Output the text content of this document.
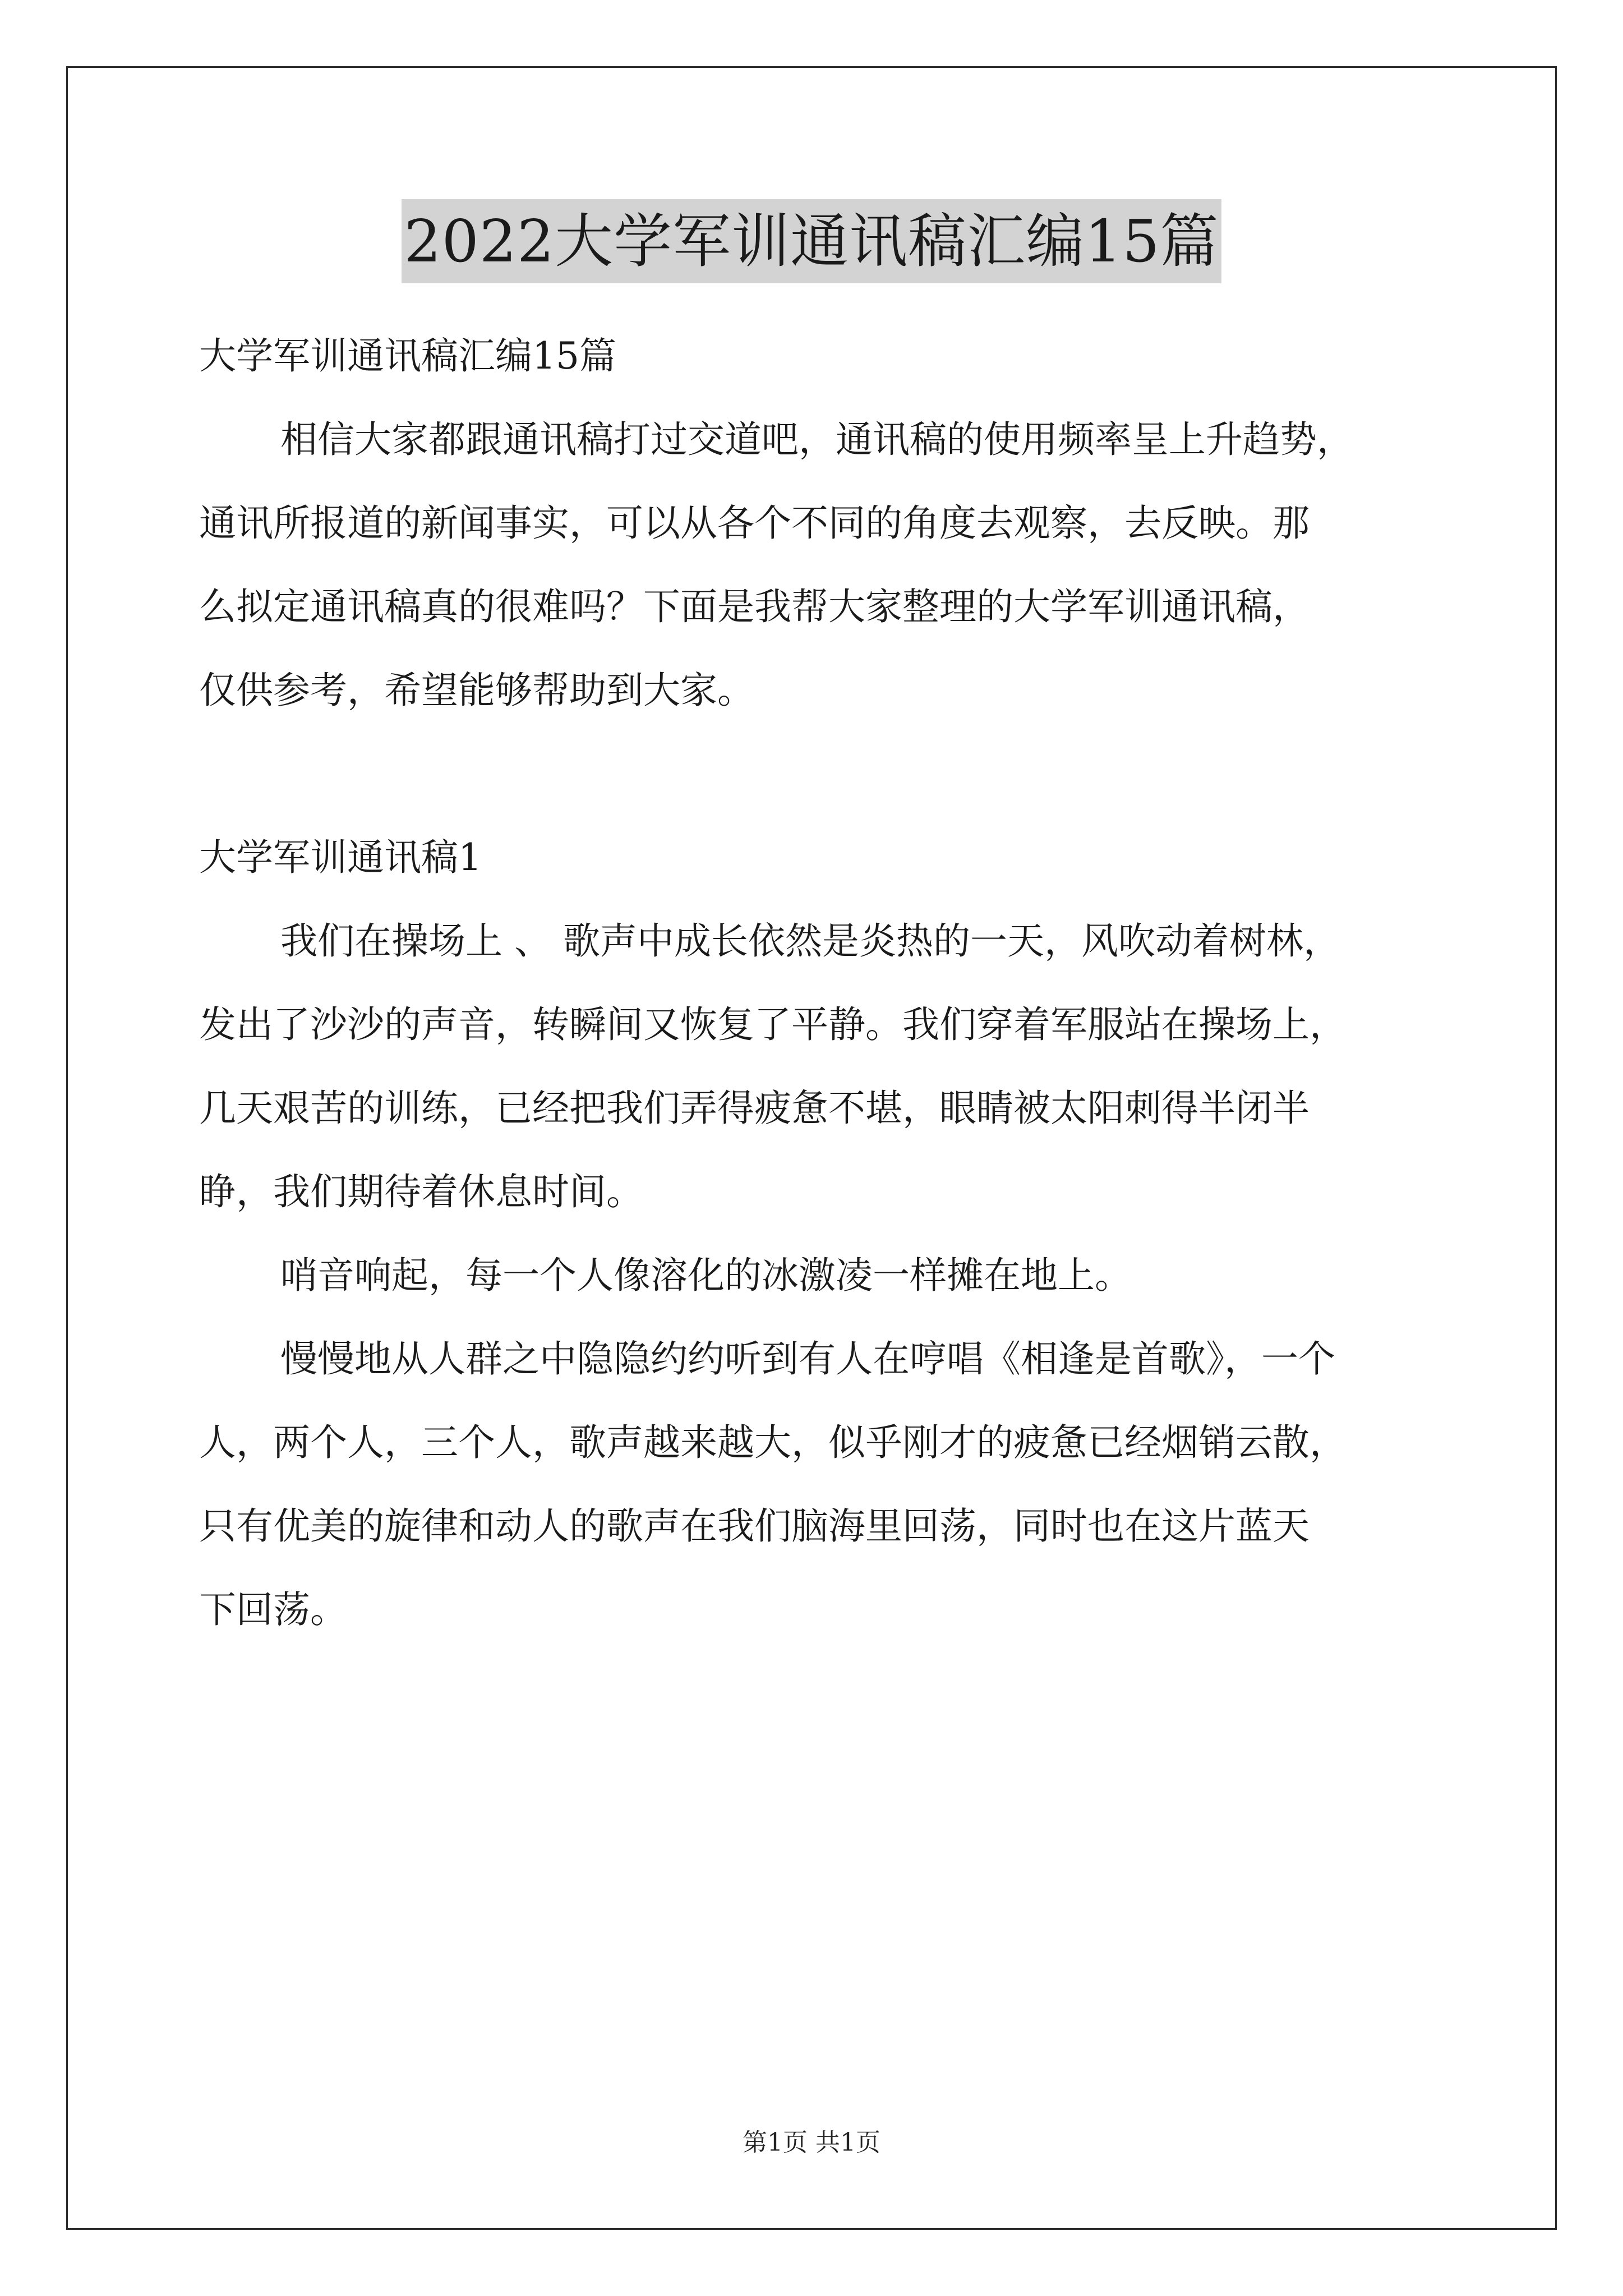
2022大学军训通讯稿汇编15篇
大学军训通讯稿汇编15篇
相信大家都跟通讯稿打过交道吧，通讯稿的使用频率呈上升趋势，
通讯所报道的新闻事实，可以从各个不同的角度去观察，去反映。那
么拟定通讯稿真的很难吗？下面是我帮大家整理的大学军训通讯稿，
仅供参考，希望能够帮助到大家。
大学军训通讯稿1
我们在操场上 、 歌声中成长依然是炎热的一天，风吹动着树林，
发出了沙沙的声音，转瞬间又恢复了平静。我们穿着军服站在操场上，
几天艰苦的训练，已经把我们弄得疲惫不堪，眼睛被太阳刺得半闭半
睁，我们期待着休息时间。
哨音响起，每一个人像溶化的冰激凌一样摊在地上。
慢慢地从人群之中隐隐约约听到有人在哼唱《相逢是首歌》，一个
人，两个人，三个人，歌声越来越大，似乎刚才的疲惫已经烟销云散，
只有优美的旋律和动人的歌声在我们脑海里回荡，同时也在这片蓝天
下回荡。
第1页 共1页
